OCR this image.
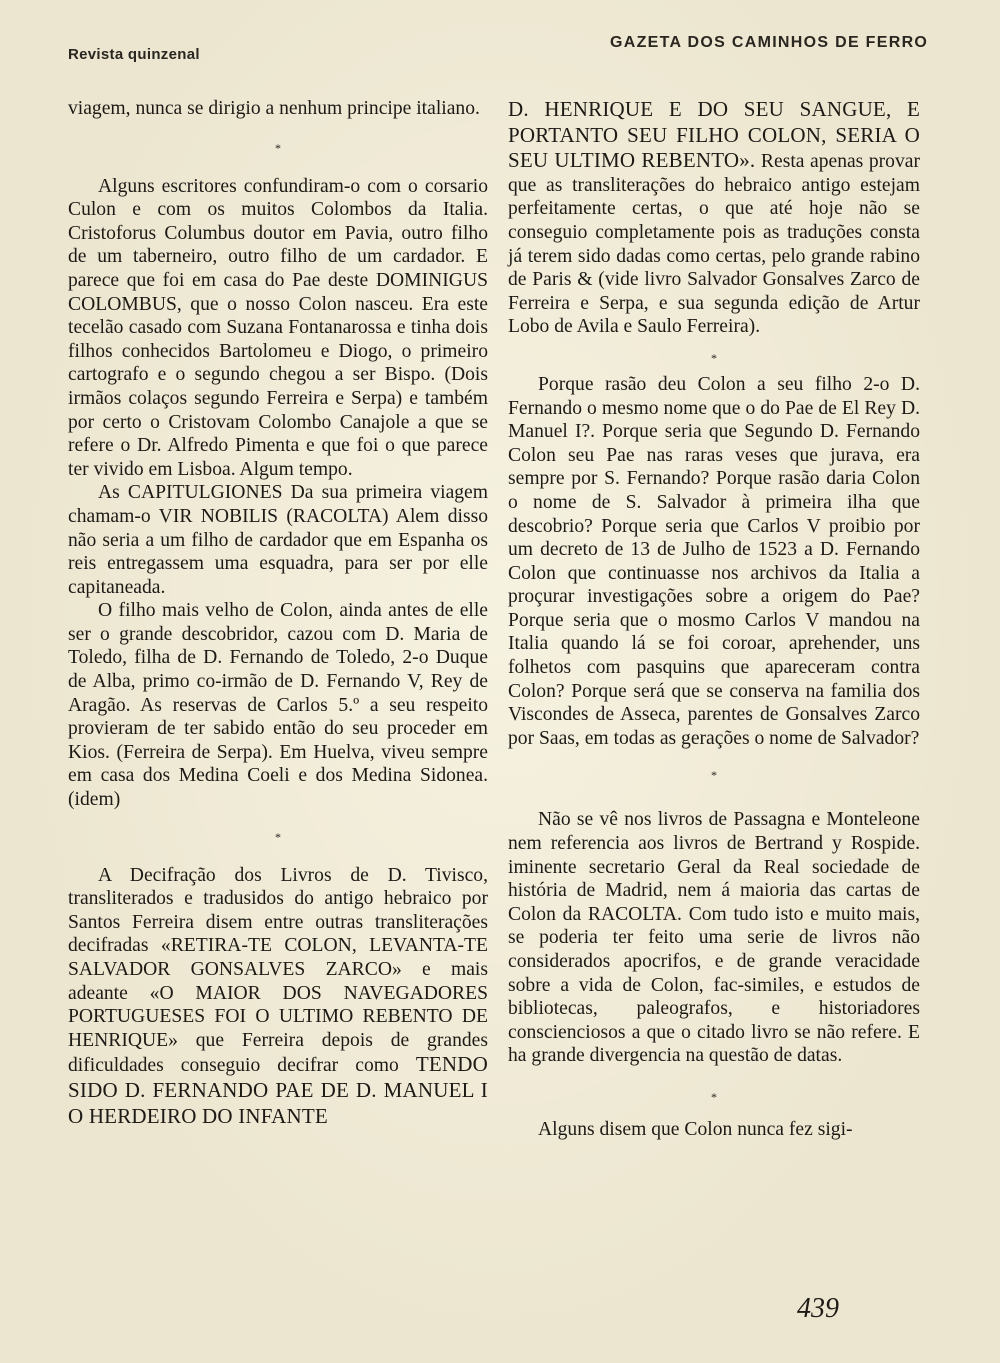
Revista quinzenal
GAZETA DOS CAMINHOS DE FERRO

viagem, nunca se dirigio a nenhum principe italiano.

*

Alguns escritores confundiram-o com o corsario Culon e com os muitos Colombos da Italia. Cristoforus Columbus doutor em Pavia, outro filho de um taberneiro, outro filho de um cardador. E parece que foi em casa do Pae deste DOMINIGUS COLOMBUS, que o nosso Colon nasceu. Era este tecelão casado com Suzana Fontanarossa e tinha dois filhos conhecidos Bartolomeu e Diogo, o primeiro cartografo e o segundo chegou a ser Bispo. (Dois irmãos colaços segundo Ferreira e Serpa) e também por certo o Cristovam Colombo Canajole a que se refere o Dr. Alfredo Pimenta e que foi o que parece ter vivido em Lisboa. Algum tempo.

As CAPITULGIONES Da sua primeira viagem chamam-o VIR NOBILIS (RACOLTA) Alem disso não seria a um filho de cardador que em Espanha os reis entregassem uma esquadra, para ser por elle capitaneada.

O filho mais velho de Colon, ainda antes de elle ser o grande descobridor, cazou com D. Maria de Toledo, filha de D. Fernando de Toledo, 2-o Duque de Alba, primo co-irmão de D. Fernando V, Rey de Aragão. As reservas de Carlos 5.º a seu respeito provieram de ter sabido então do seu proceder em Kios. (Ferreira de Serpa). Em Huelva, viveu sempre em casa dos Medina Coeli e dos Medina Sidonea. (idem)

*

A Decifração dos Livros de D. Tivisco, transliterados e tradusidos do antigo hebraico por Santos Ferreira disem entre outras transliterações decifradas «RETIRA-TE COLON, LEVANTA-TE SALVADOR GONSALVES ZARCO» e mais adeante «O MAIOR DOS NAVEGADORES PORTUGUESES FOI O ULTIMO REBENTO DE HENRIQUE» que Ferreira depois de grandes dificuldades conseguio decifrar como TENDO SIDO D. FERNANDO PAE DE D. MANUEL I O HERDEIRO DO INFANTE

D. HENRIQUE E DO SEU SANGUE, E PORTANTO SEU FILHO COLON, SERIA O SEU ULTIMO REBENTO». Resta apenas provar que as transliterações do hebraico antigo estejam perfeitamente certas, o que até hoje não se conseguio completamente pois as traduções consta já terem sido dadas como certas, pelo grande rabino de Paris & (vide livro Salvador Gonsalves Zarco de Ferreira e Serpa, e sua segunda edição de Artur Lobo de Avila e Saulo Ferreira).

*

Porque rasão deu Colon a seu filho 2-o D. Fernando o mesmo nome que o do Pae de El Rey D. Manuel I?. Porque seria que Segundo D. Fernando Colon seu Pae nas raras veses que jurava, era sempre por S. Fernando? Porque rasão daria Colon o nome de S. Salvador à primeira ilha que descobrio? Porque seria que Carlos V proibio por um decreto de 13 de Julho de 1523 a D. Fernando Colon que continuasse nos archivos da Italia a proçurar investigações sobre a origem do Pae? Porque seria que o mosmo Carlos V mandou na Italia quando lá se foi coroar, aprehender, uns folhetos com pasquins que apareceram contra Colon? Porque será que se conserva na familia dos Viscondes de Asseca, parentes de Gonsalves Zarco por Saas, em todas as gerações o nome de Salvador?

*

Não se vê nos livros de Passagna e Monteleone nem referencia aos livros de Bertrand y Rospide. iminente secretario Geral da Real sociedade de história de Madrid, nem á maioria das cartas de Colon da RACOLTA. Com tudo isto e muito mais, se poderia ter feito uma serie de livros não considerados apocrifos, e de grande veracidade sobre a vida de Colon, fac-similes, e estudos de bibliotecas, paleografos, e historiadores conscienciosos a que o citado livro se não refere. E ha grande divergencia na questão de datas.

*

Alguns disem que Colon nunca fez sigi-

439
